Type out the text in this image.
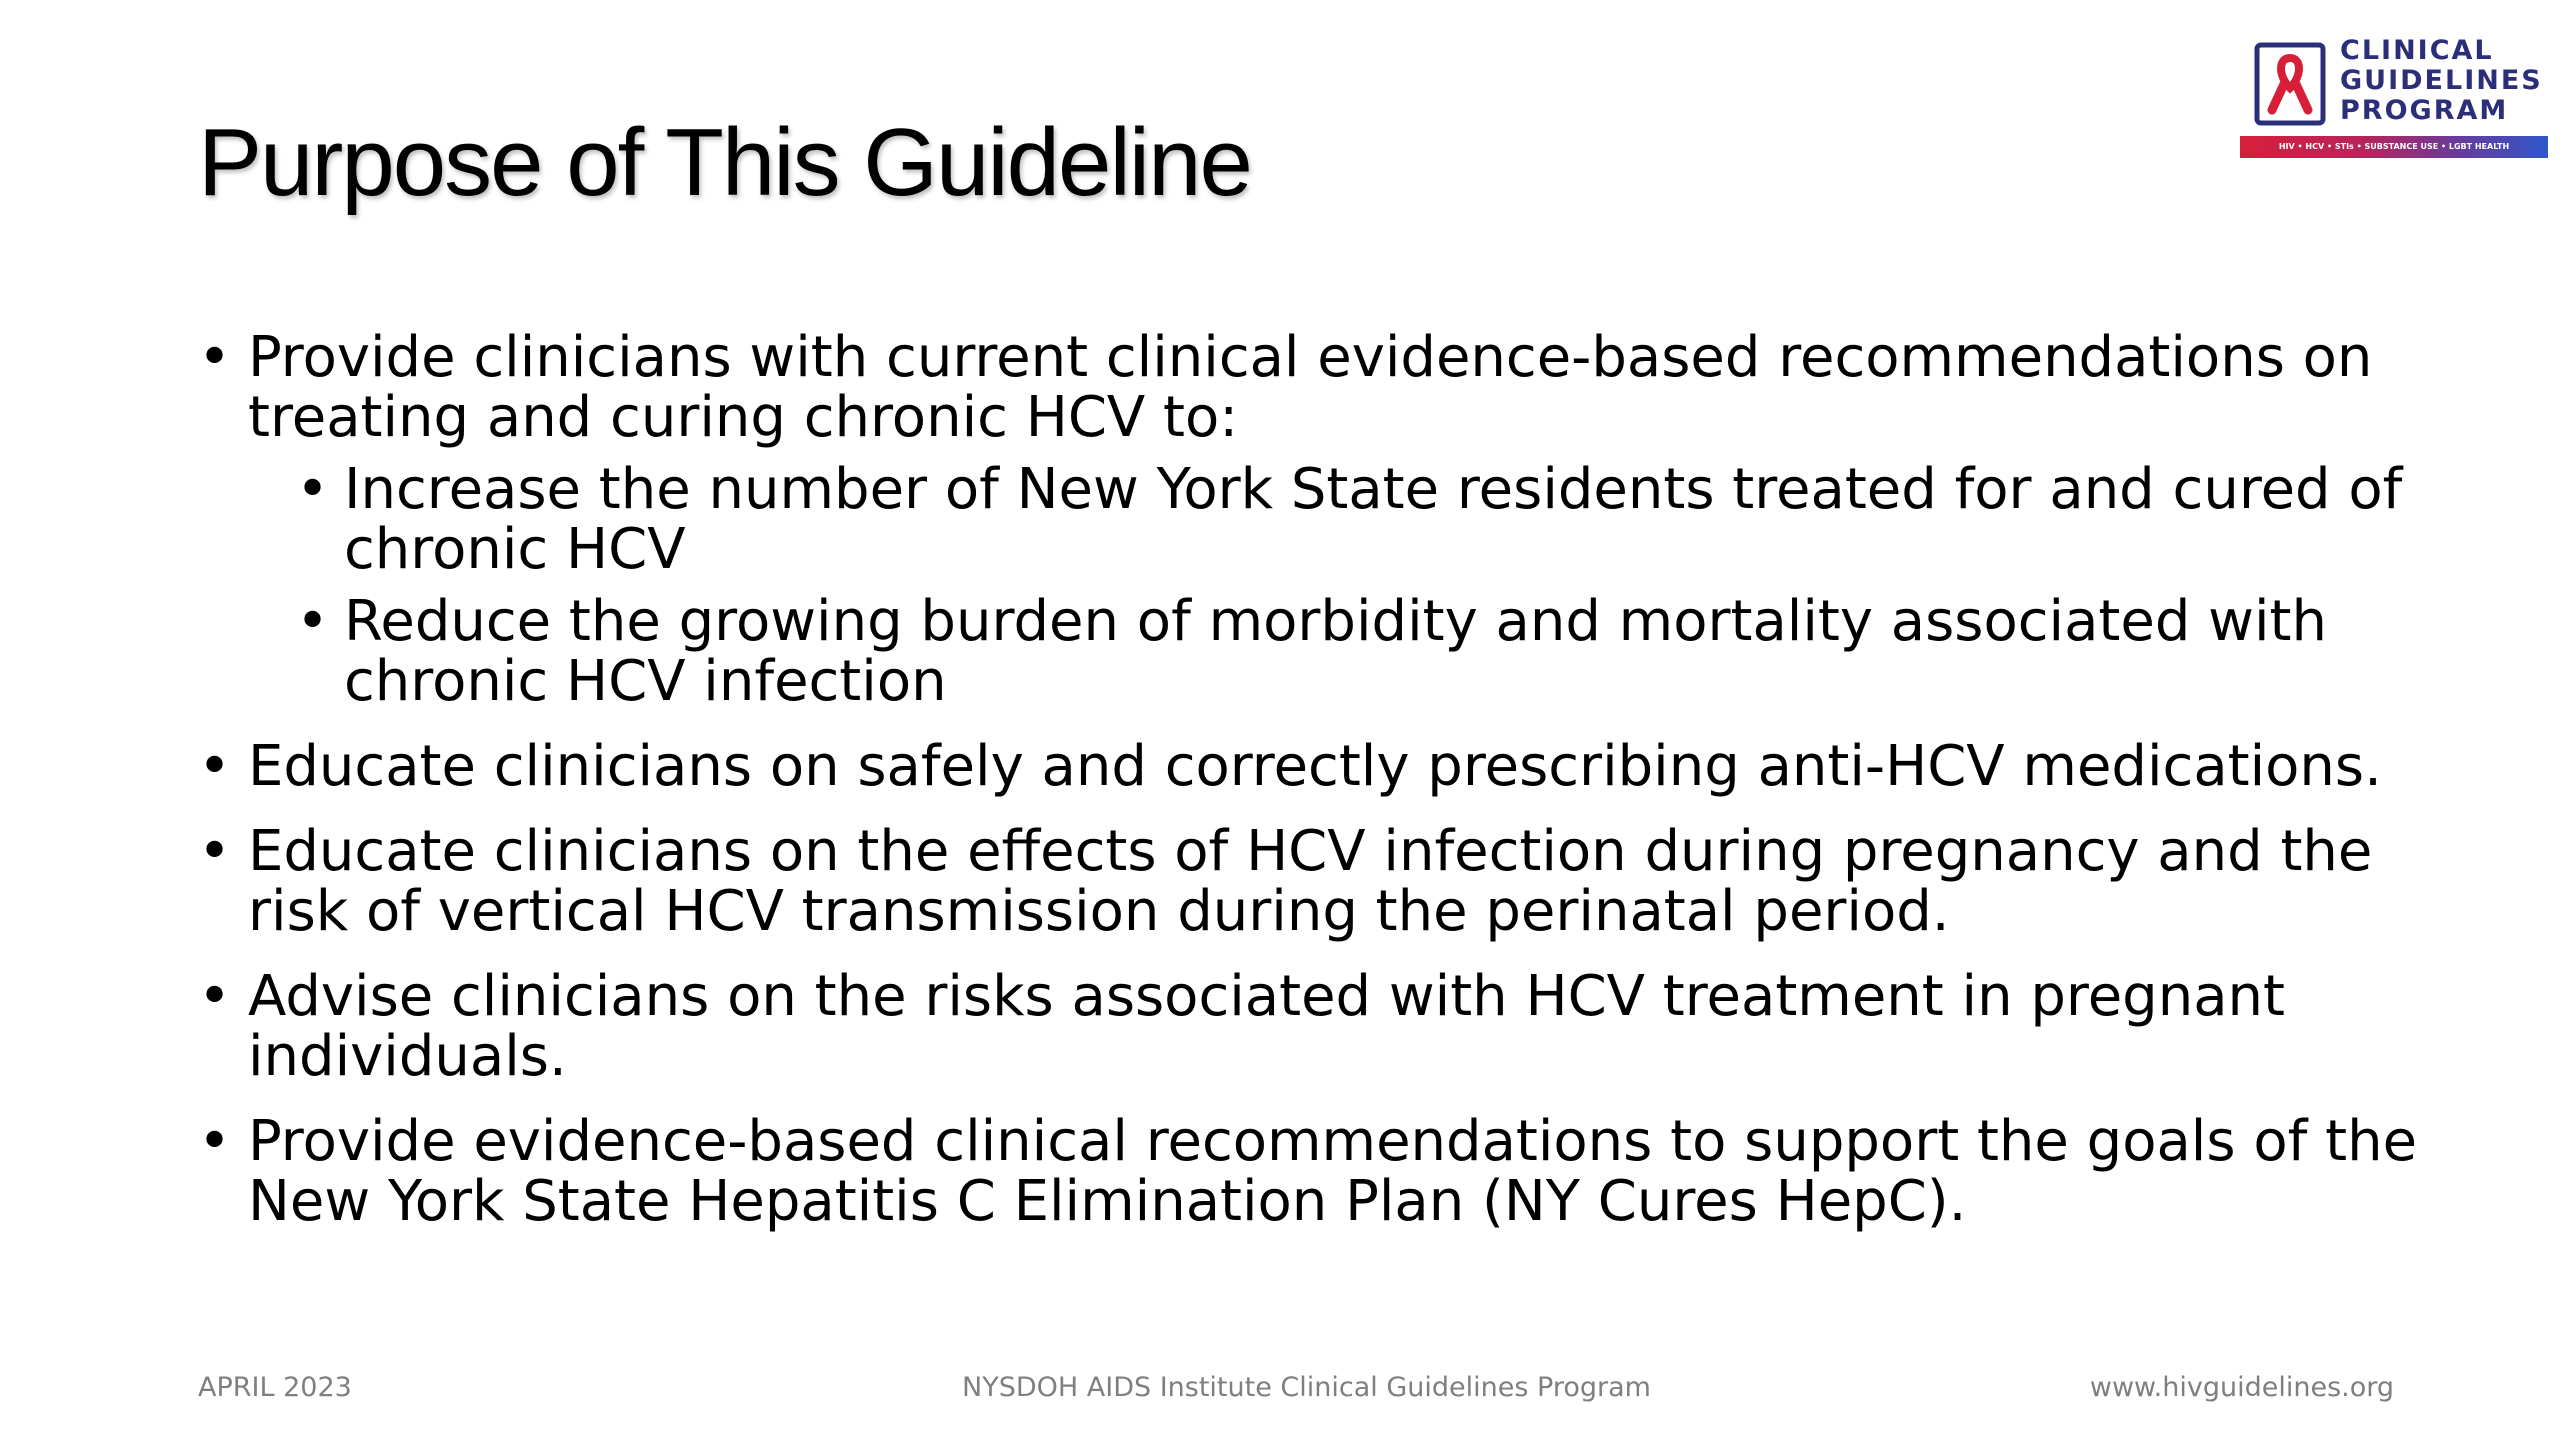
Purpose of This Guideline
CLINICAL
GUIDELINES
PROGRAM
HIV • HCV • STIs • SUBSTANCE USE • LGBT HEALTH
• Provide clinicians with current clinical evidence-based recommendations on treating and curing chronic HCV to:
• Increase the number of New York State residents treated for and cured of chronic HCV
• Reduce the growing burden of morbidity and mortality associated with chronic HCV infection
• Educate clinicians on safely and correctly prescribing anti-HCV medications.
• Educate clinicians on the effects of HCV infection during pregnancy and the risk of vertical HCV transmission during the perinatal period.
• Advise clinicians on the risks associated with HCV treatment in pregnant individuals.
• Provide evidence-based clinical recommendations to support the goals of the New York State Hepatitis C Elimination Plan (NY Cures HepC).
APRIL 2023	NYSDOH AIDS Institute Clinical Guidelines Program	www.hivguidelines.org
